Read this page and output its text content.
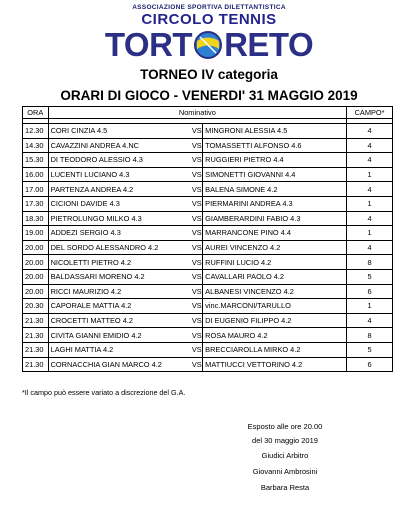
ASSOCIAZIONE SPORTIVA DILETTANTISTICA
CIRCOLO TENNIS
TORT RETO
TORNEO IV categoria
ORARI DI GIOCO - VENERDI' 31 MAGGIO 2019
ORA	Nominativo			CAMPO*

12.30	CORI CINZIA 4.5	VS	MINGRONI ALESSIA 4.5	4
14.30	CAVAZZINI ANDREA 4.NC	VS	TOMASSETTI ALFONSO 4.6	4
15.30	DI TEODORO ALESSIO 4.3	VS	RUGGIERI PIETRO 4.4	4
16.00	LUCENTI LUCIANO 4.3	VS	SIMONETTI GIOVANNI 4.4	1
17.00	PARTENZA ANDREA 4.2	VS	BALENA SIMONE 4.2	4
17.30	CICIONI DAVIDE 4.3	VS	PIERMARINI ANDREA 4.3	1
18.30	PIETROLUNGO MILKO 4.3	VS	GIAMBERARDINI FABIO 4.3	4
19.00	ADDEZI SERGIO 4.3	VS	MARRANCONE PINO 4.4	1
20.00	DEL SORDO ALESSANDRO 4.2	VS	AUREI VINCENZO 4.2	4
20.00	NICOLETTI PIETRO 4.2	VS	RUFFINI LUCIO 4.2	8
20.00	BALDASSARI MORENO 4.2	VS	CAVALLARI PAOLO 4.2	5
20.00	RICCI MAURIZIO 4.2	VS	ALBANESI VINCENZO 4.2	6
20.30	CAPORALE MATTIA 4.2	VS	vinc.MARCONI/TARULLO	1
21.30	CROCETTI MATTEO 4.2	VS	DI EUGENIO FILIPPO 4.2	4
21.30	CIVITA GIANNI EMIDIO 4.2	VS	ROSA MAURO 4.2	8
21.30	LAGHI MATTIA 4.2	VS	BRECCIAROLLA MIRKO 4.2	5
21.30	CORNACCHIA GIAN MARCO 4.2	VS	MATTIUCCI VETTORINO 4.2	6
*Il campo può essere variato a discrezione del G.A.
Esposto alle ore 20.00
del 30 maggio 2019
Giudici Arbitro
Giovanni Ambrosini
Barbara Resta
